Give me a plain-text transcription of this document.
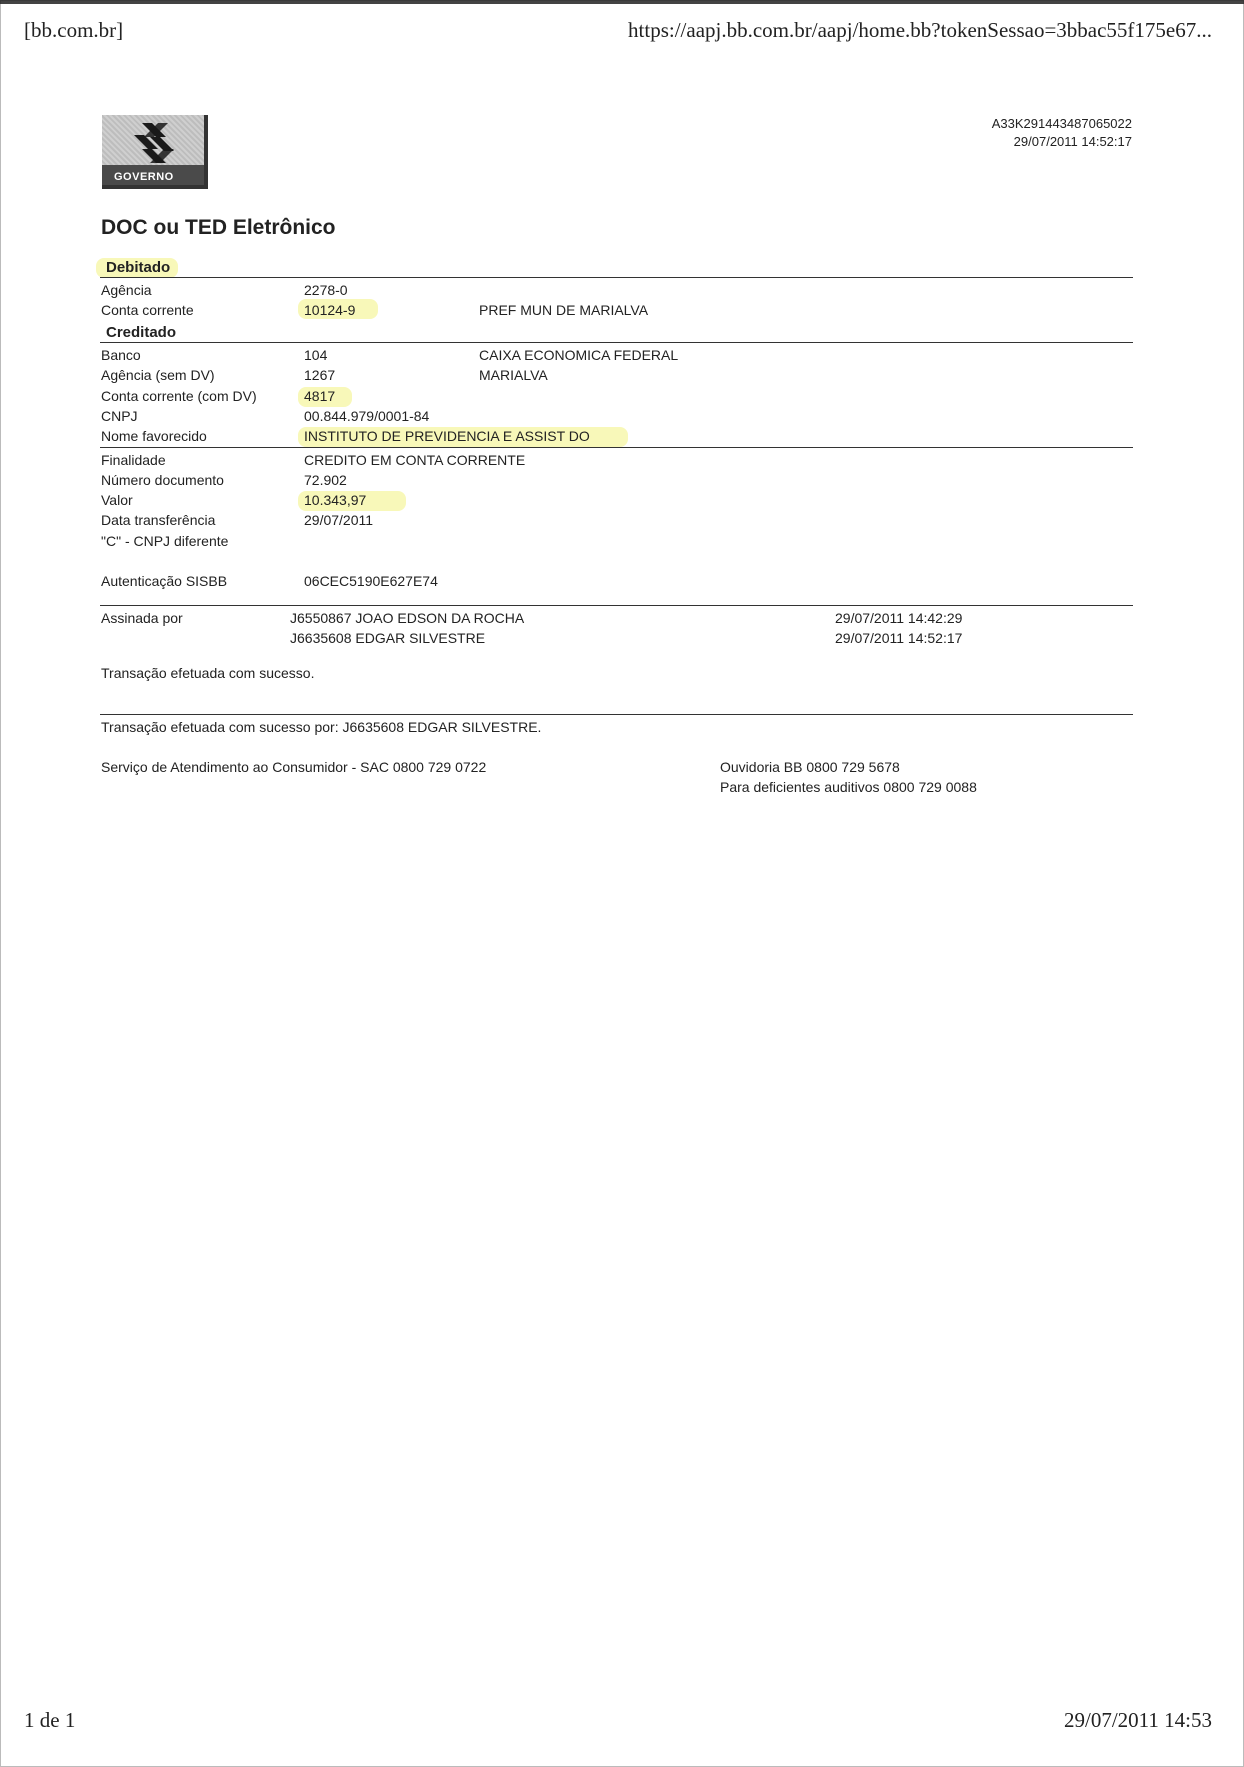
[bb.com.br]	https://aapj.bb.com.br/aapj/home.bb?tokenSessao=3bbac55f175e67...
1 de 1	29/07/2011 14:53
GOVERNO
A33K291443487065022
29/07/2011 14:52:17
DOC ou TED Eletrônico
Debitado
Agência	2278-0
Conta corrente	10124-9	PREF MUN DE MARIALVA
Creditado
Banco	104	CAIXA ECONOMICA FEDERAL
Agência (sem DV)	1267	MARIALVA
Conta corrente (com DV)	4817
CNPJ	00.844.979/0001-84
Nome favorecido	INSTITUTO DE PREVIDENCIA E ASSIST DO
Finalidade	CREDITO EM CONTA CORRENTE
Número documento	72.902
Valor	10.343,97
Data transferência	29/07/2011
"C" - CNPJ diferente
Autenticação SISBB	06CEC5190E627E74
Assinada por	J6550867 JOAO EDSON DA ROCHA	29/07/2011 14:42:29
J6635608 EDGAR SILVESTRE	29/07/2011 14:52:17
Transação efetuada com sucesso.
Transação efetuada com sucesso por: J6635608 EDGAR SILVESTRE.
Serviço de Atendimento ao Consumidor - SAC 0800 729 0722	Ouvidoria BB 0800 729 5678
Para deficientes auditivos 0800 729 0088
